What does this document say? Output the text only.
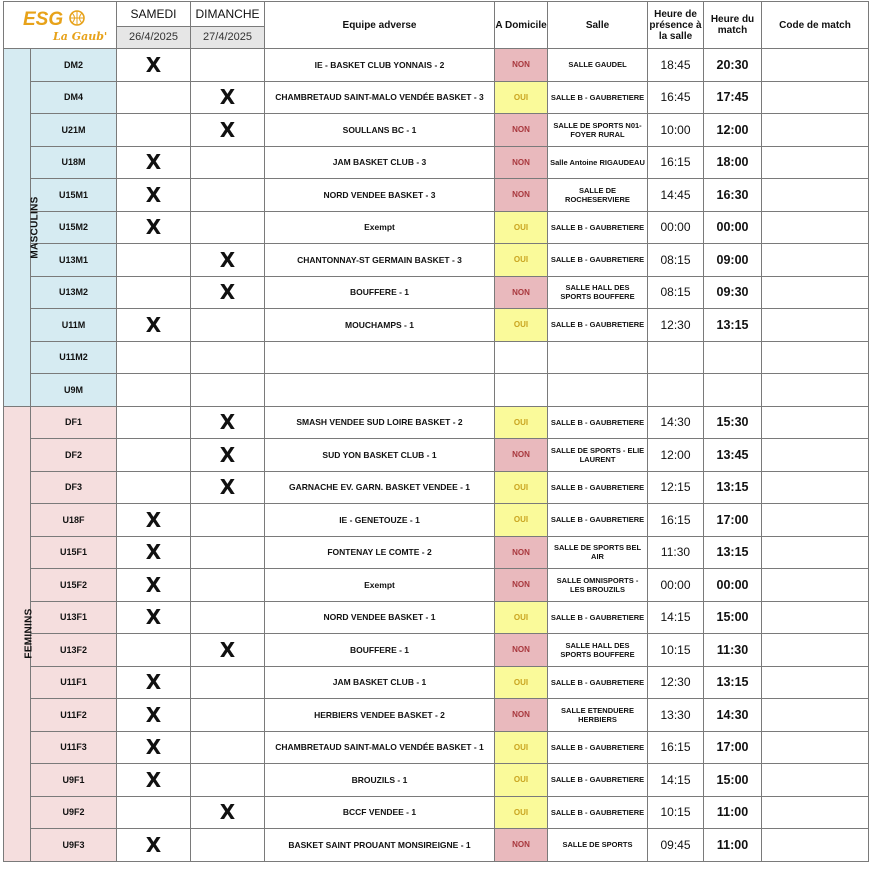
ESG
La Gaub'		SAMEDI	DIMANCHE	Equipe adverse	A Domicile	Salle	Heure de présence à la salle	Heure du match	Code de match
		26/4/2025	27/4/2025						
MASCULINS	DM2	X		IE - BASKET CLUB YONNAIS - 2	NON	SALLE GAUDEL	18:45	20:30	
	DM4		X	CHAMBRETAUD SAINT-MALO VENDÉE BASKET - 3	OUI	SALLE B - GAUBRETIERE	16:45	17:45	
	U21M		X	SOULLANS BC - 1	NON	SALLE DE SPORTS N01- FOYER RURAL	10:00	12:00	
	U18M	X		JAM BASKET CLUB - 3	NON	Salle Antoine RIGAUDEAU	16:15	18:00	
	U15M1	X		NORD VENDEE BASKET - 3	NON	SALLE DE ROCHESERVIERE	14:45	16:30	
	U15M2	X		Exempt	OUI	SALLE B - GAUBRETIERE	00:00	00:00	
	U13M1		X	CHANTONNAY-ST GERMAIN BASKET - 3	OUI	SALLE B - GAUBRETIERE	08:15	09:00	
	U13M2		X	BOUFFERE - 1	NON	SALLE HALL DES SPORTS BOUFFERE	08:15	09:30	
	U11M	X		MOUCHAMPS - 1	OUI	SALLE B - GAUBRETIERE	12:30	13:15	
	U11M2								
	U9M								
FEMININS	DF1		X	SMASH VENDEE SUD LOIRE BASKET - 2	OUI	SALLE B - GAUBRETIERE	14:30	15:30	
	DF2		X	SUD YON BASKET CLUB - 1	NON	SALLE DE SPORTS - ELIE LAURENT	12:00	13:45	
	DF3		X	GARNACHE EV. GARN. BASKET VENDEE - 1	OUI	SALLE B - GAUBRETIERE	12:15	13:15	
	U18F	X		IE - GENETOUZE - 1	OUI	SALLE B - GAUBRETIERE	16:15	17:00	
	U15F1	X		FONTENAY LE COMTE - 2	NON	SALLE DE SPORTS BEL AIR	11:30	13:15	
	U15F2	X		Exempt	NON	SALLE OMNISPORTS - LES BROUZILS	00:00	00:00	
	U13F1	X		NORD VENDEE BASKET - 1	OUI	SALLE B - GAUBRETIERE	14:15	15:00	
	U13F2		X	BOUFFERE - 1	NON	SALLE HALL DES SPORTS BOUFFERE	10:15	11:30	
	U11F1	X		JAM BASKET CLUB - 1	OUI	SALLE B - GAUBRETIERE	12:30	13:15	
	U11F2	X		HERBIERS VENDEE BASKET - 2	NON	SALLE ETENDUERE HERBIERS	13:30	14:30	
	U11F3	X		CHAMBRETAUD SAINT-MALO VENDÉE BASKET - 1	OUI	SALLE B - GAUBRETIERE	16:15	17:00	
	U9F1	X		BROUZILS - 1	OUI	SALLE B - GAUBRETIERE	14:15	15:00	
	U9F2		X	BCCF VENDEE - 1	OUI	SALLE B - GAUBRETIERE	10:15	11:00	
	U9F3	X		BASKET SAINT PROUANT MONSIREIGNE - 1	NON	SALLE DE SPORTS	09:45	11:00	
